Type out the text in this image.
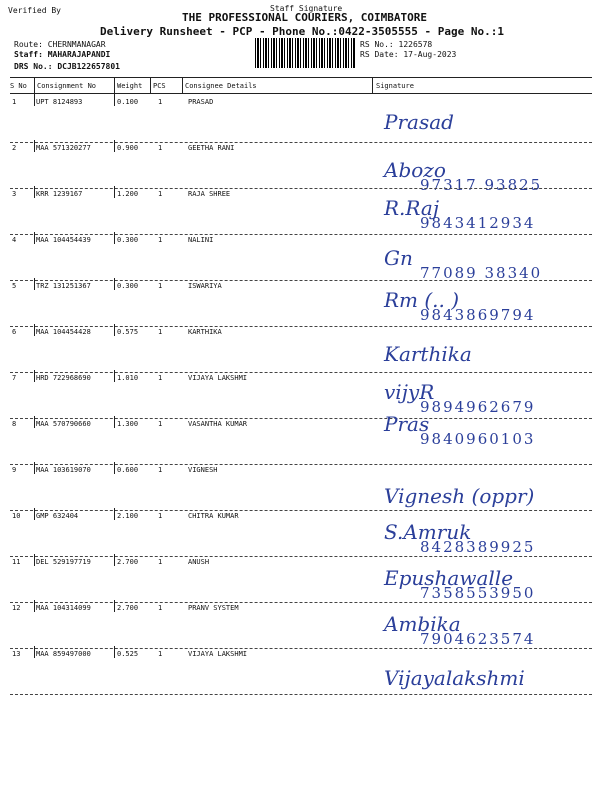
Verified By	Staff Signature
THE PROFESSIONAL COURIERS, COIMBATORE
Delivery Runsheet - PCP - Phone No.:0422-3505555 - Page No.:1
Route: CHERNMANAGAR
Staff: MAHARAJAPANDI
DRS No.: DCJB122657801
RS No.: 1226578
RS Date: 17-Aug-2023
S No Consignment No	Weight PCS	Consignee Details	Signature
1	UPT 8124893	0.100	1	PRASAD
Prasad
2	MAA 571320277	0.900	1	GEETHA RANI
Abozo
97317 93825
3	KRR 1239167	1.200	1	RAJA SHREE
R.Raj
9843412934
4	MAA 104454439	0.300	1	NALINI
Gn
77089 38340
5	TRZ 131251367	0.300	1	ISWARIYA
Rm (.. )
9843869794
6	MAA 104454428	0.575	1	KARTHIKA
Karthika
7	HRD 722968690	1.010	1	VIJAYA LAKSHMI
vijyR
9894962679
8	MAA 570790660	1.300	1	VASANTHA KUMAR	Pras
9840960103
9	MAA 103619070	0.600	1	VIGNESH
Vignesh (oppr)
10 GMP 632404	2.100	1	CHITRA KUMAR
S.Amruk
8428389925
11 DEL 529197719	2.700	1	ANUSH
Epushawalle
7358553950
12 MAA 104314099	2.700	1	PRANV SYSTEM
Ambika
7904623574
13 MAA 859497000	0.525	1	VIJAYA LAKSHMI
Vijayalakshmi
